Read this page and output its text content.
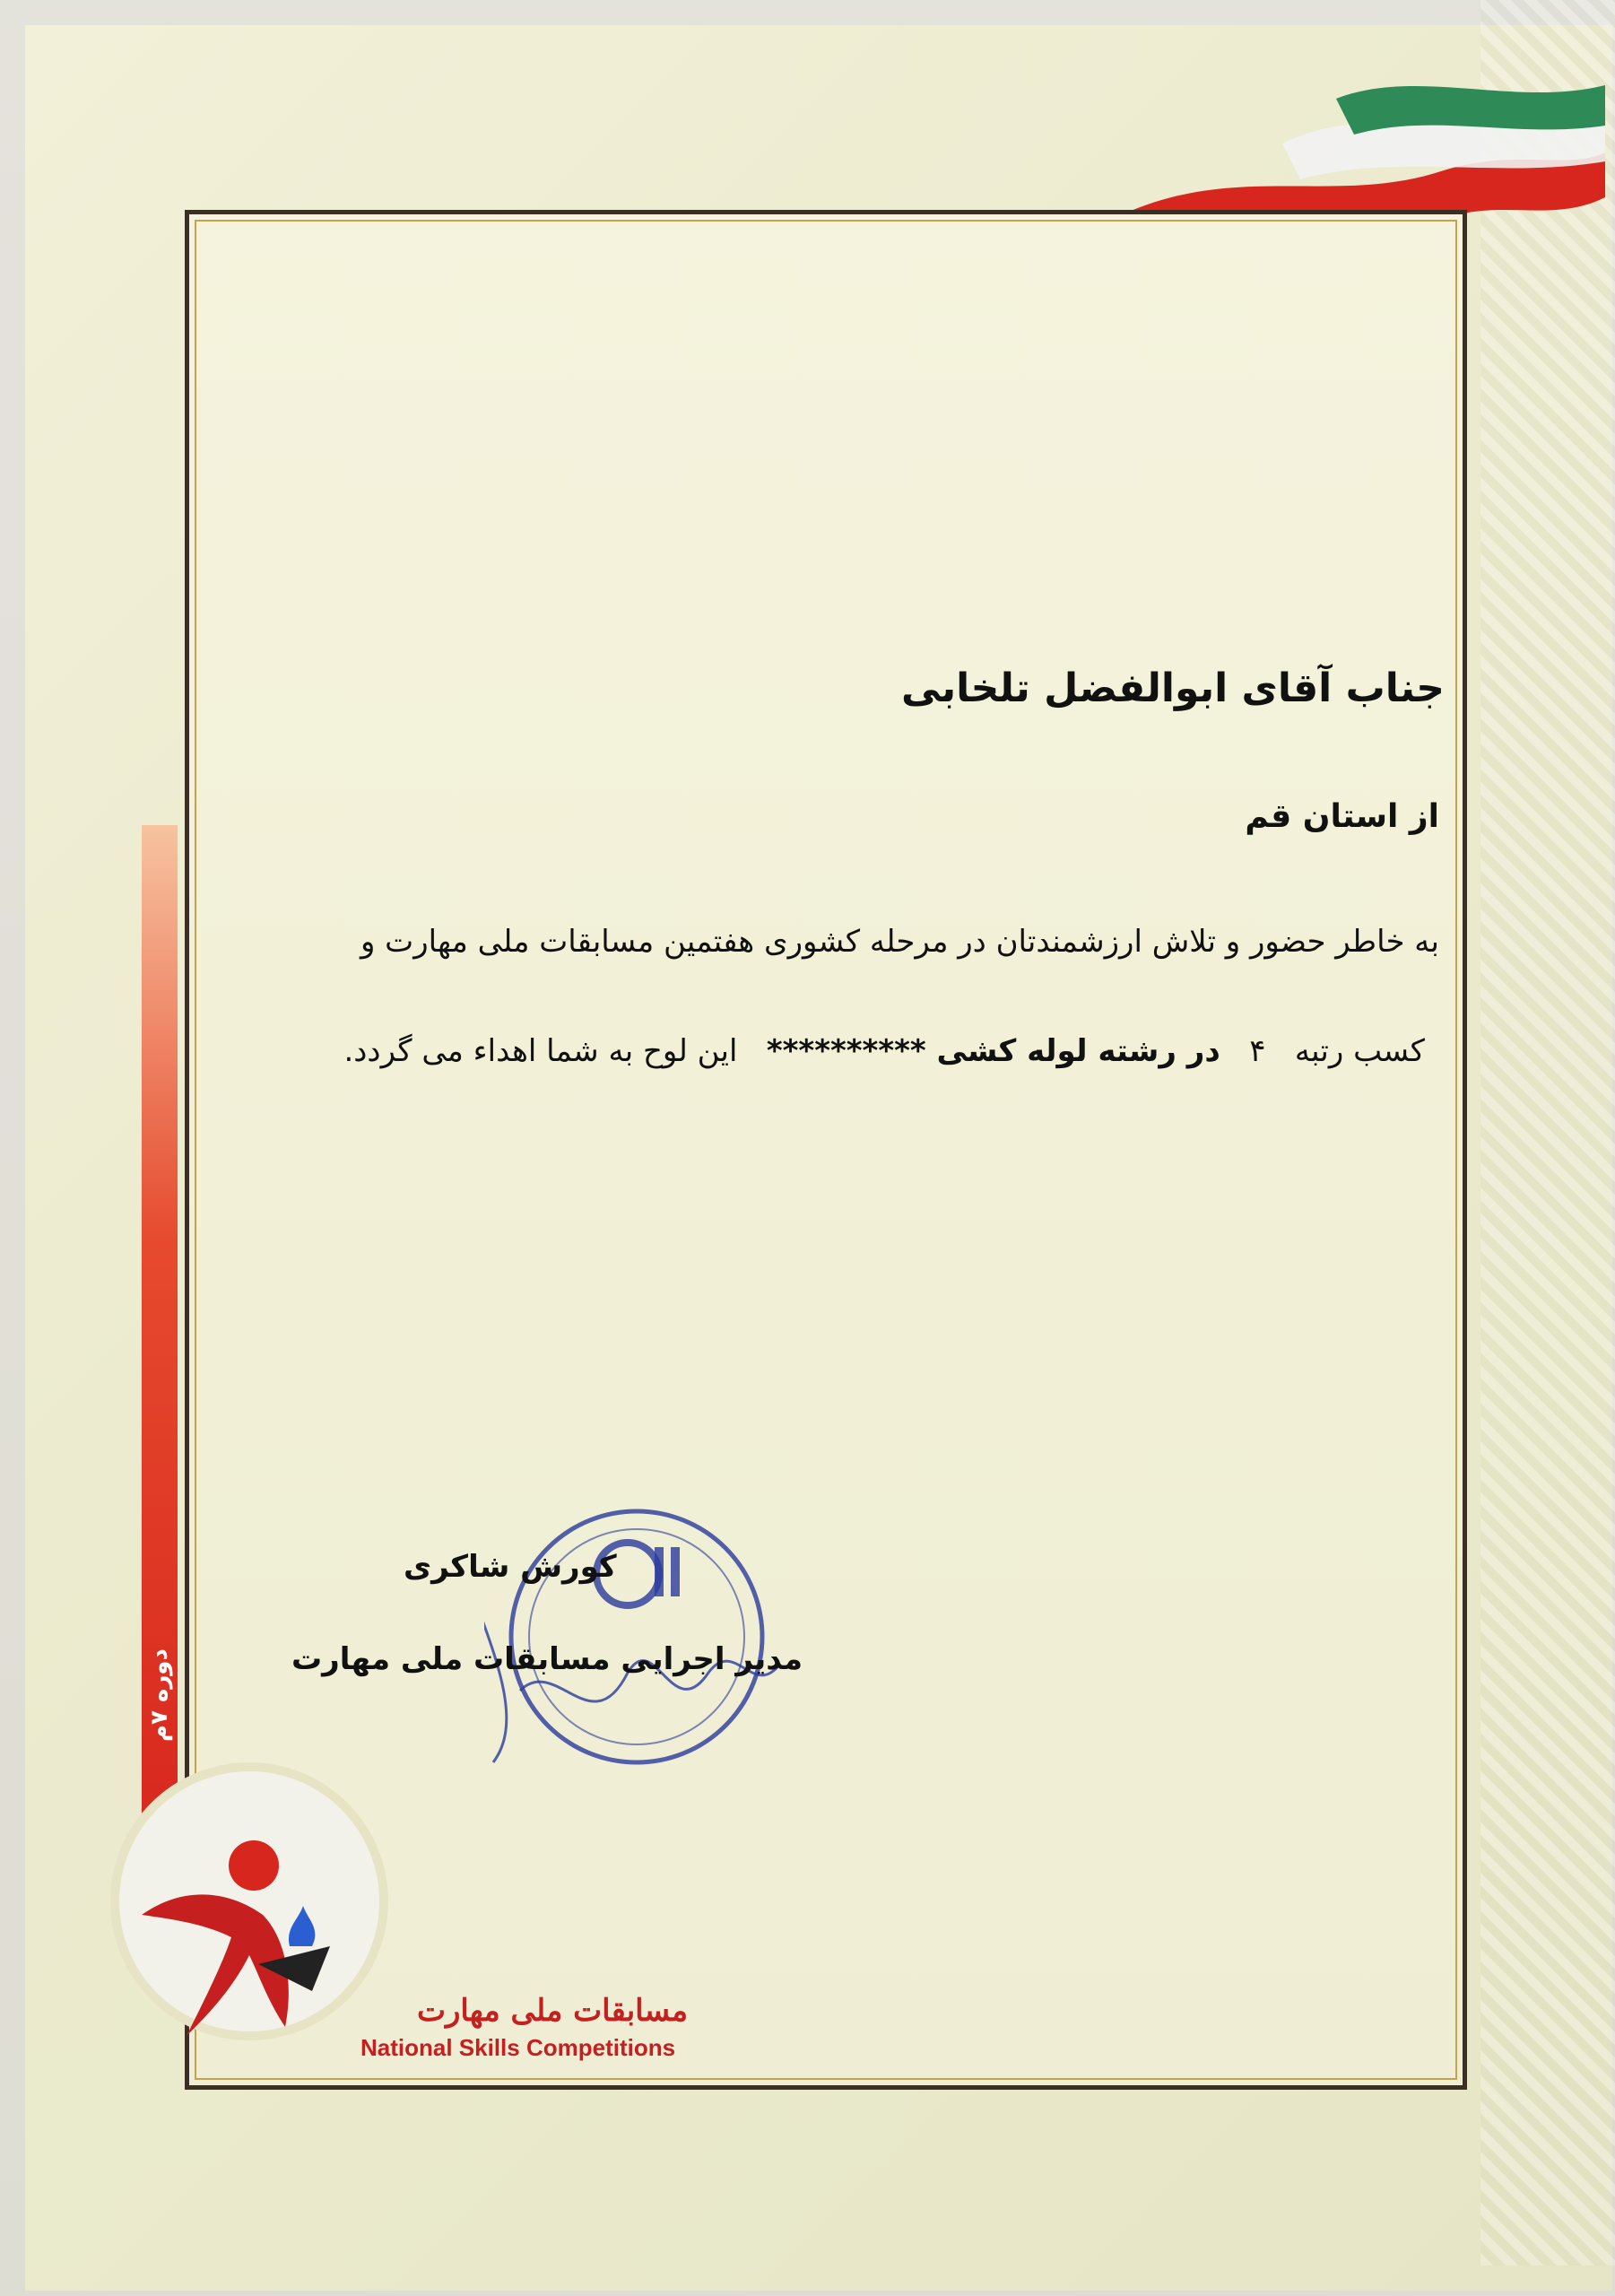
دوره ۷م
جناب آقای ابوالفضل تلخابی
از استان قم
به خاطر حضور و تلاش ارزشمندتان در مرحله کشوری هفتمین مسابقات ملی مهارت و
کسب رتبه   ۴   در رشته لوله کشی **********   این لوح به شما اهداء می گردد.
کورش شاکری
مدیر اجرایی مسابقات ملی مهارت
مسابقات ملی مهارت
National Skills Competitions
